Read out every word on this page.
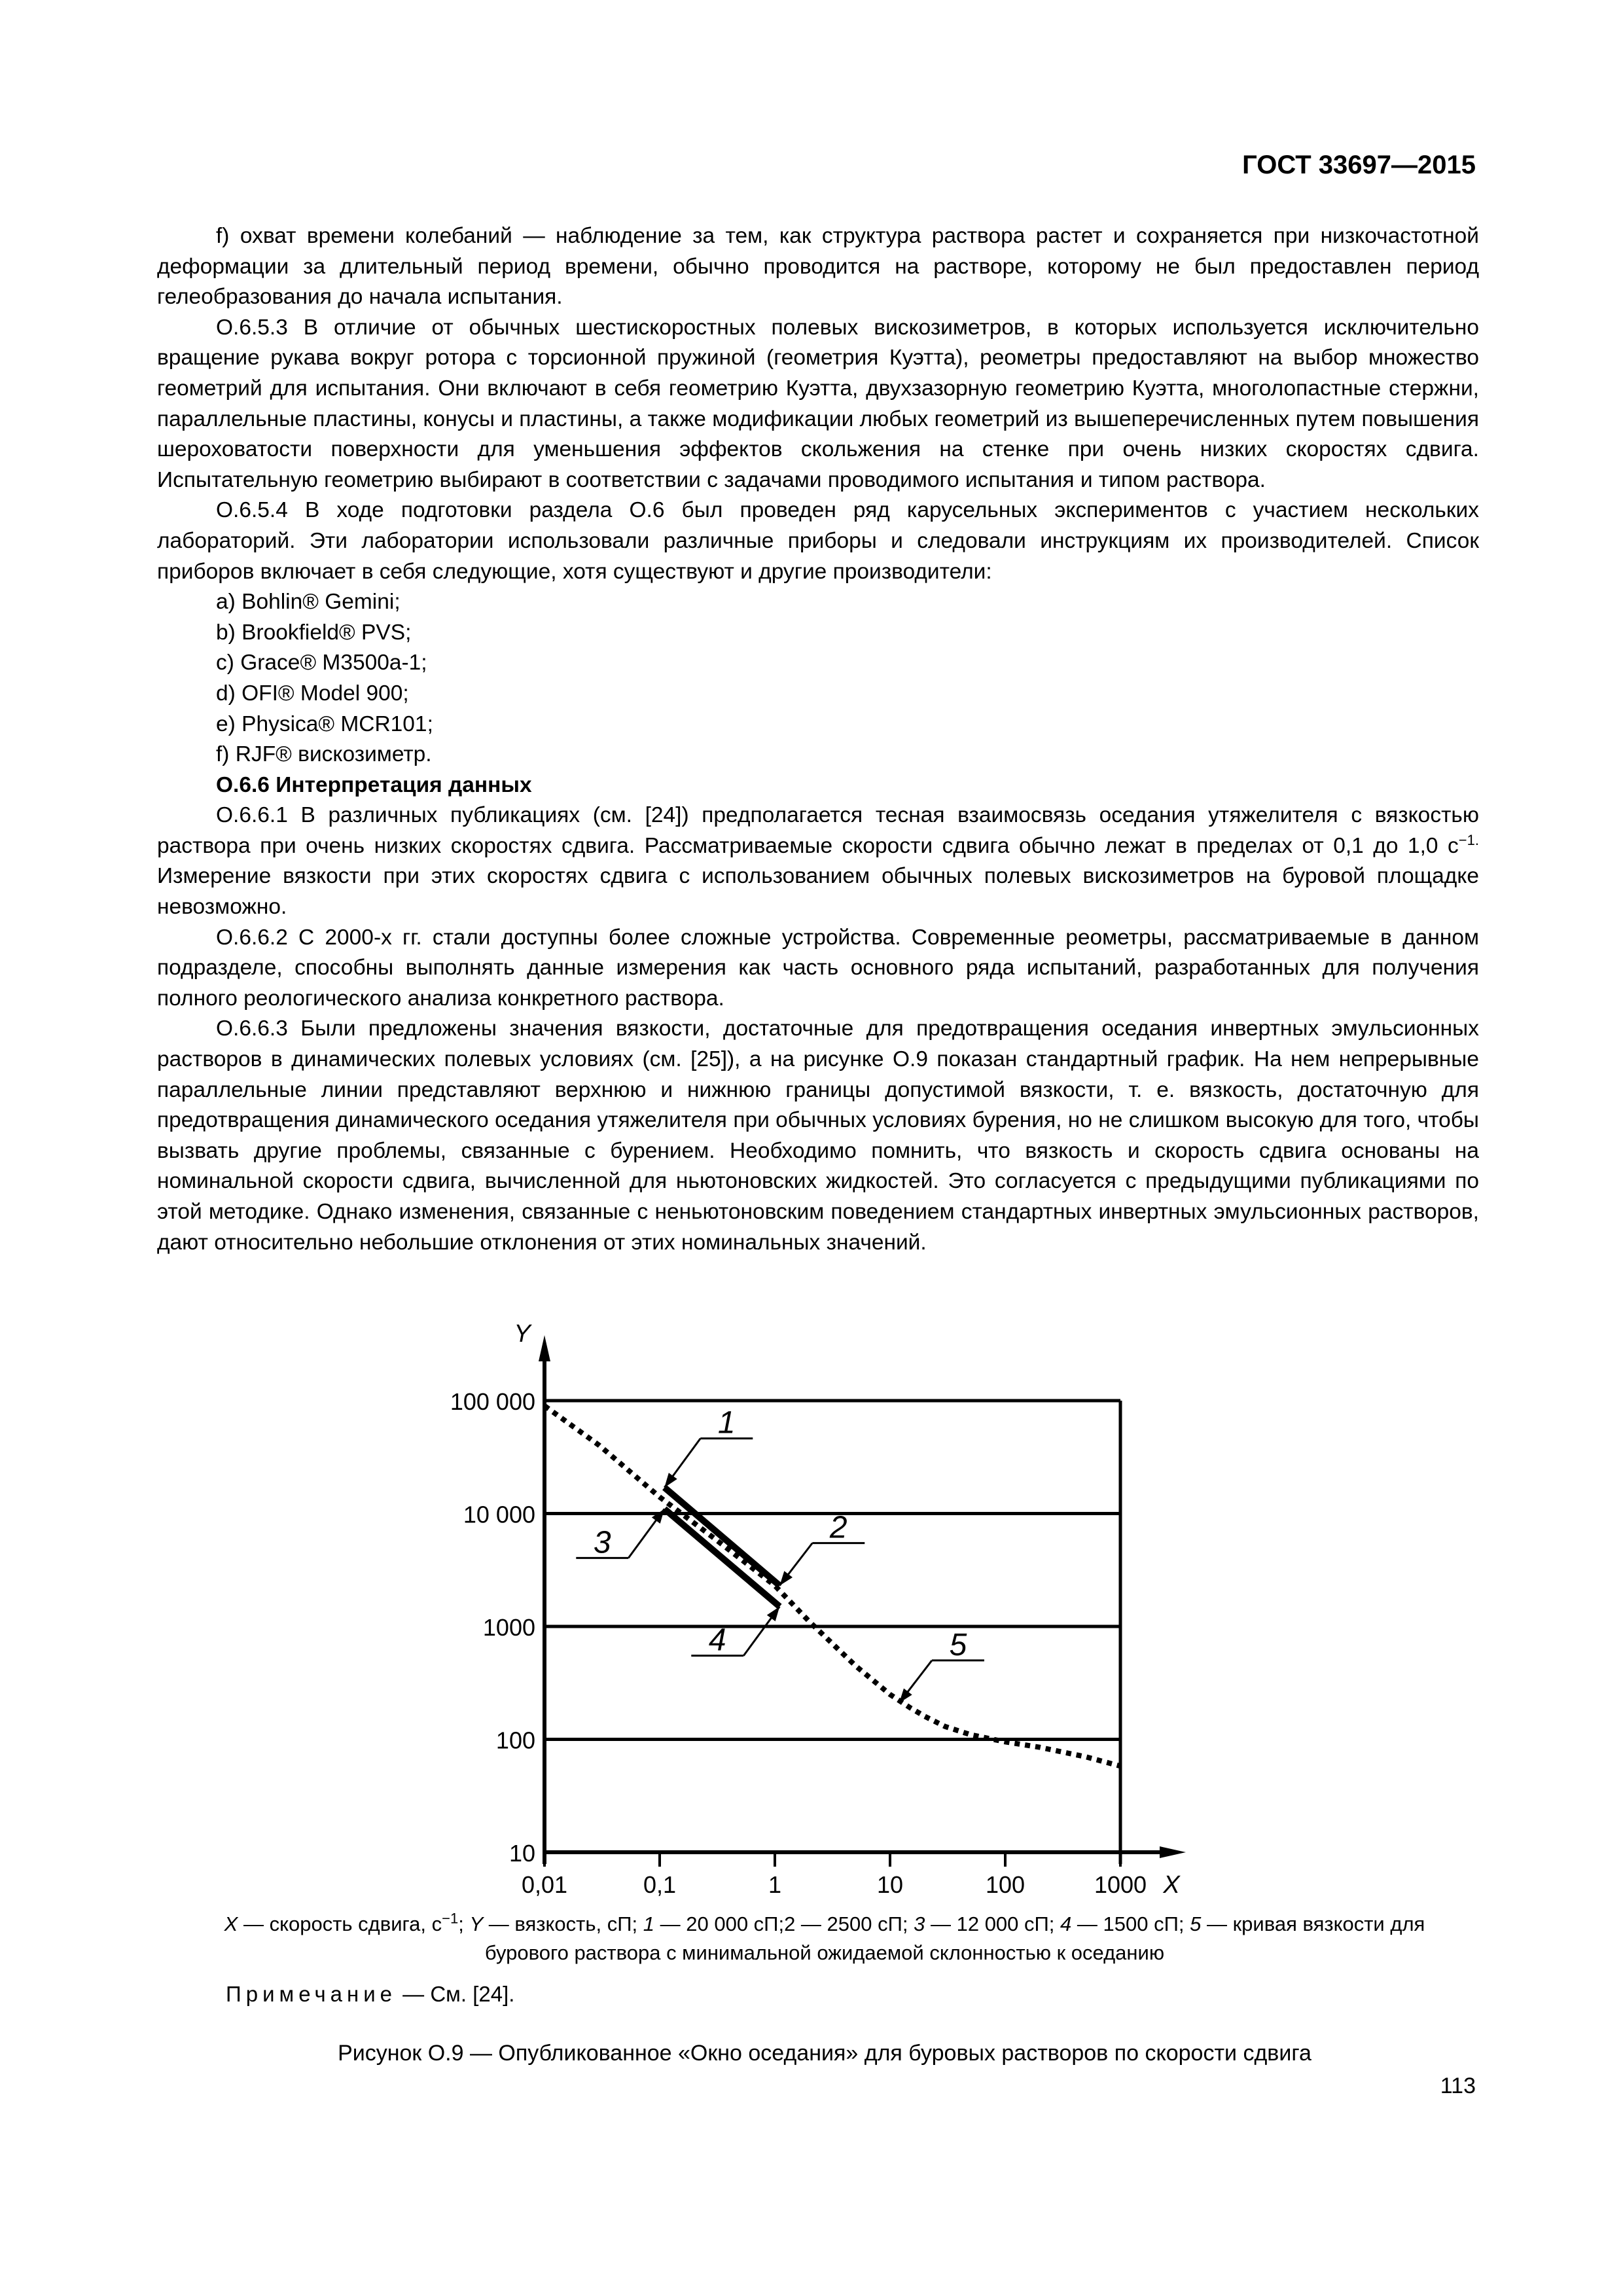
ГОСТ 33697—2015

f) охват времени колебаний — наблюдение за тем, как структура раствора растет и сохраняется при низкочастотной деформации за длительный период времени, обычно проводится на растворе, которому не был предоставлен период гелеобразования до начала испытания.

О.6.5.3 В отличие от обычных шестискоростных полевых вискозиметров, в которых используется исключительно вращение рукава вокруг ротора с торсионной пружиной (геометрия Куэтта), реометры предоставляют на выбор множество геометрий для испытания. Они включают в себя геометрию Куэтта, двухзазорную геометрию Куэтта, многолопастные стержни, параллельные пластины, конусы и пластины, а также модификации любых геометрий из вышеперечисленных путем повышения шероховатости поверхности для уменьшения эффектов скольжения на стенке при очень низких скоростях сдвига. Испытательную геометрию выбирают в соответствии с задачами проводимого испытания и типом раствора.

О.6.5.4 В ходе подготовки раздела О.6 был проведен ряд карусельных экспериментов с участием нескольких лабораторий. Эти лаборатории использовали различные приборы и следовали инструкциям их производителей. Список приборов включает в себя следующие, хотя существуют и другие производители:

a) Bohlin® Gemini;

b) Brookfield® PVS;

c) Grace® M3500a-1;

d) OFI® Model 900;

e) Physica® MCR101;

f) RJF® вискозиметр.

О.6.6 Интерпретация данных

О.6.6.1 В различных публикациях (см. [24]) предполагается тесная взаимосвязь оседания утяжелителя с вязкостью раствора при очень низких скоростях сдвига. Рассматриваемые скорости сдвига обычно лежат в пределах от 0,1 до 1,0 $с^{-1.}$ Измерение вязкости при этих скоростях сдвига с использованием обычных полевых вискозиметров на буровой площадке невозможно.

О.6.6.2 С 2000-х гг. стали доступны более сложные устройства. Современные реометры, рассматриваемые в данном подразделе, способны выполнять данные измерения как часть основного ряда испытаний, разработанных для получения полного реологического анализа конкретного раствора.

О.6.6.3 Были предложены значения вязкости, достаточные для предотвращения оседания инвертных эмульсионных растворов в динамических полевых условиях (см. [25]), а на рисунке О.9 показан стандартный график. На нем непрерывные параллельные линии представляют верхнюю и нижнюю границы допустимой вязкости, т. е. вязкость, достаточную для предотвращения динамического оседания утяжелителя при обычных условиях бурения, но не слишком высокую для того, чтобы вызвать другие проблемы, связанные с бурением. Необходимо помнить, что вязкость и скорость сдвига основаны на номинальной скорости сдвига, вычисленной для ньютоновских жидкостей. Это согласуется с предыдущими публикациями по этой методике. Однако изменения, связанные с неньютоновским поведением стандартных инвертных эмульсионных растворов, дают относительно небольшие отклонения от этих номинальных значений.

10
100
1000
10 000
100 000
0,01	0,1	1	10	100	1000 X
Y
1
2
3
4	5
X — скорость сдвига, $с^{-1}$; Y — вязкость, сП; 1 — 20 000 сП;2 — 2500 сП; 3 — 12 000 сП; 4 — 1500 сП; 5 — кривая вязкости для
бурового раствора с минимальной ожидаемой склонностью к оседанию
Примечание — См. [24].
Рисунок О.9 — Опубликованное «Окно оседания» для буровых растворов по скорости сдвига
113
